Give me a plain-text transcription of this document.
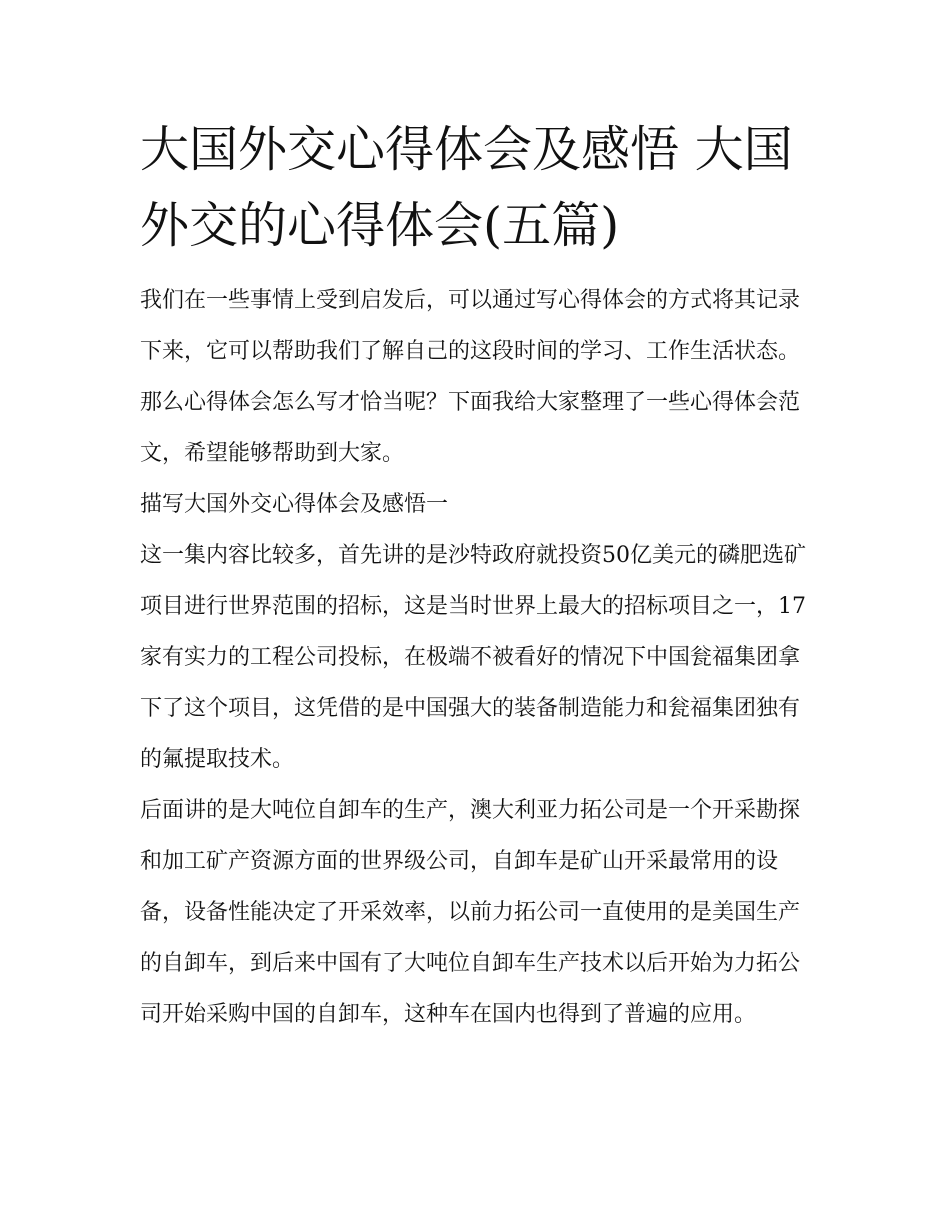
大国外交心得体会及感悟 大国外交的心得体会(五篇)

我们在一些事情上受到启发后，可以通过写心得体会的方式将其记录下来，它可以帮助我们了解自己的这段时间的学习、工作生活状态。那么心得体会怎么写才恰当呢？下面我给大家整理了一些心得体会范文，希望能够帮助到大家。

描写大国外交心得体会及感悟一

这一集内容比较多，首先讲的是沙特政府就投资50亿美元的磷肥选矿项目进行世界范围的招标，这是当时世界上最大的招标项目之一，17家有实力的工程公司投标，在极端不被看好的情况下中国瓮福集团拿下了这个项目，这凭借的是中国强大的装备制造能力和瓮福集团独有的氟提取技术。

后面讲的是大吨位自卸车的生产，澳大利亚力拓公司是一个开采勘探和加工矿产资源方面的世界级公司，自卸车是矿山开采最常用的设备，设备性能决定了开采效率，以前力拓公司一直使用的是美国生产的自卸车，到后来中国有了大吨位自卸车生产技术以后开始为力拓公司开始采购中国的自卸车，这种车在国内也得到了普遍的应用。
